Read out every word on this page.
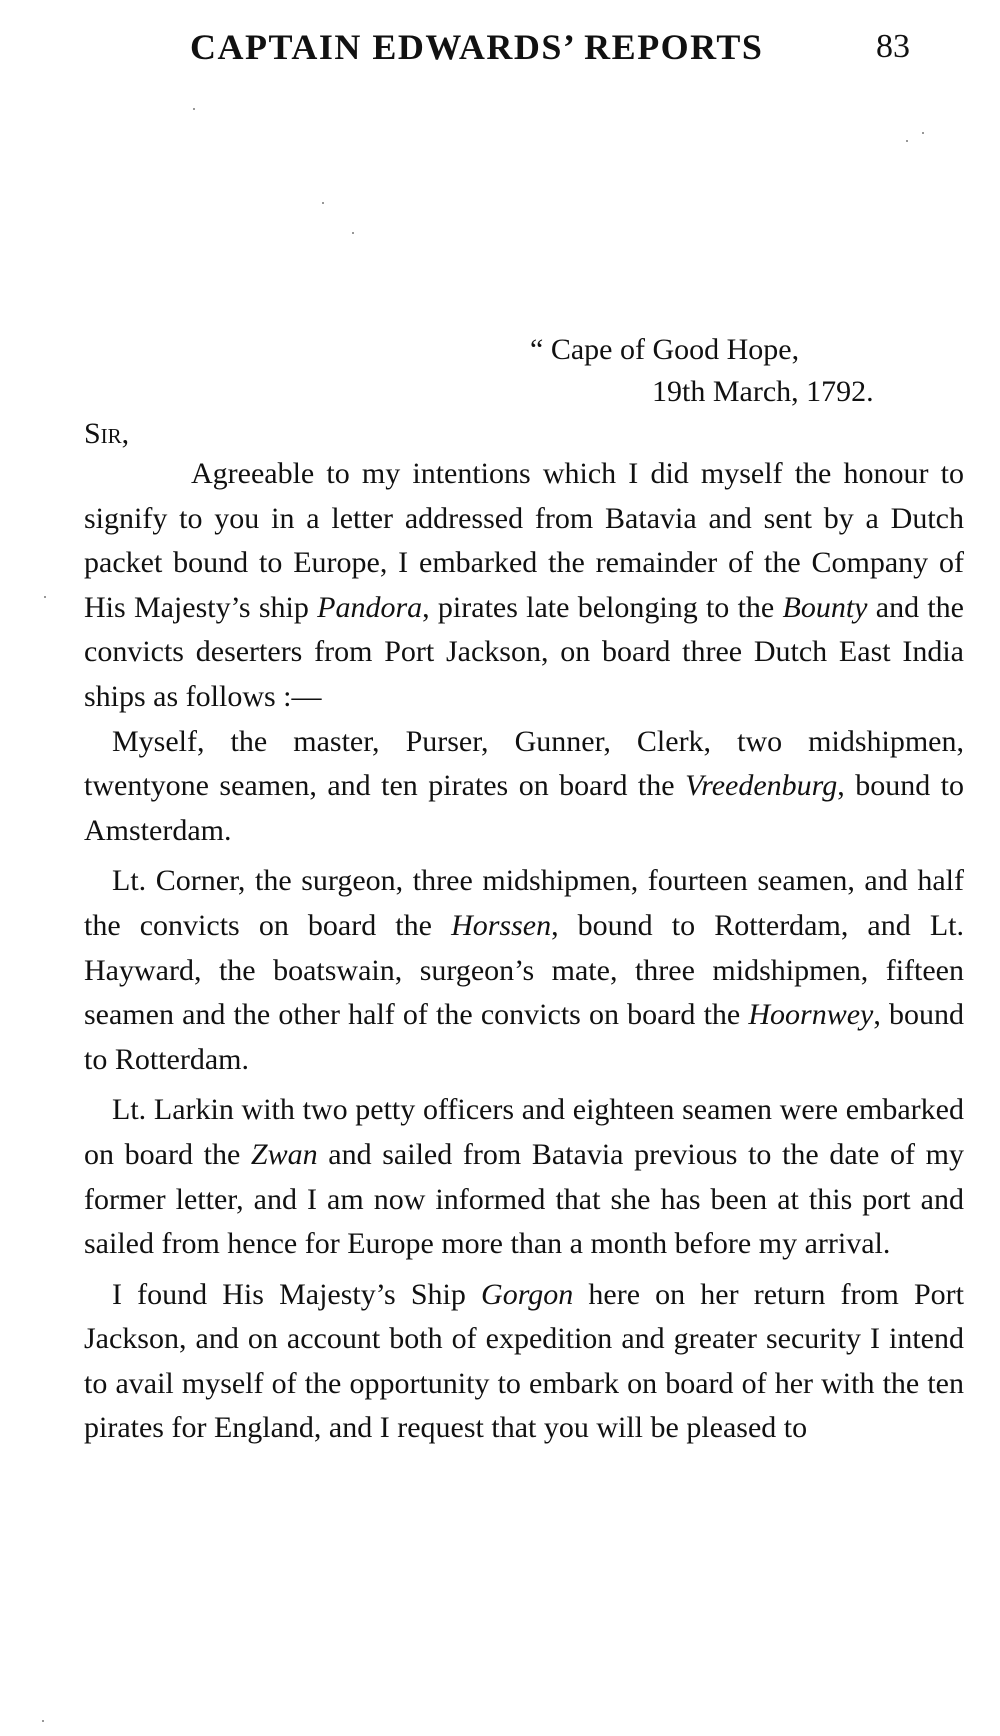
CAPTAIN EDWARDS’ REPORTS	83
“ Cape of Good Hope,
19th March, 1792.
Sir,

Agreeable to my intentions which I did myself the honour to signify to you in a letter addressed from Batavia and sent by a Dutch packet bound to Europe, I embarked the remainder of the Company of His Majesty’s ship Pandora, pirates late belonging to the Bounty and the convicts deserters from Port Jackson, on board three Dutch East India ships as follows :—

Myself, the master, Purser, Gunner, Clerk, two midshipmen, twentyone seamen, and ten pirates on board the Vreedenburg, bound to Amsterdam.

Lt. Corner, the surgeon, three midshipmen, fourteen seamen, and half the convicts on board the Horssen, bound to Rotterdam, and Lt. Hayward, the boatswain, surgeon’s mate, three midshipmen, fifteen seamen and the other half of the convicts on board the Hoornwey, bound to Rotterdam.

Lt. Larkin with two petty officers and eighteen seamen were embarked on board the Zwan and sailed from Batavia previous to the date of my former letter, and I am now informed that she has been at this port and sailed from hence for Europe more than a month before my arrival.

I found His Majesty’s Ship Gorgon here on her return from Port Jackson, and on account both of expedition and greater security I intend to avail myself of the opportunity to embark on board of her with the ten pirates for England, and I request that you will be pleased to
